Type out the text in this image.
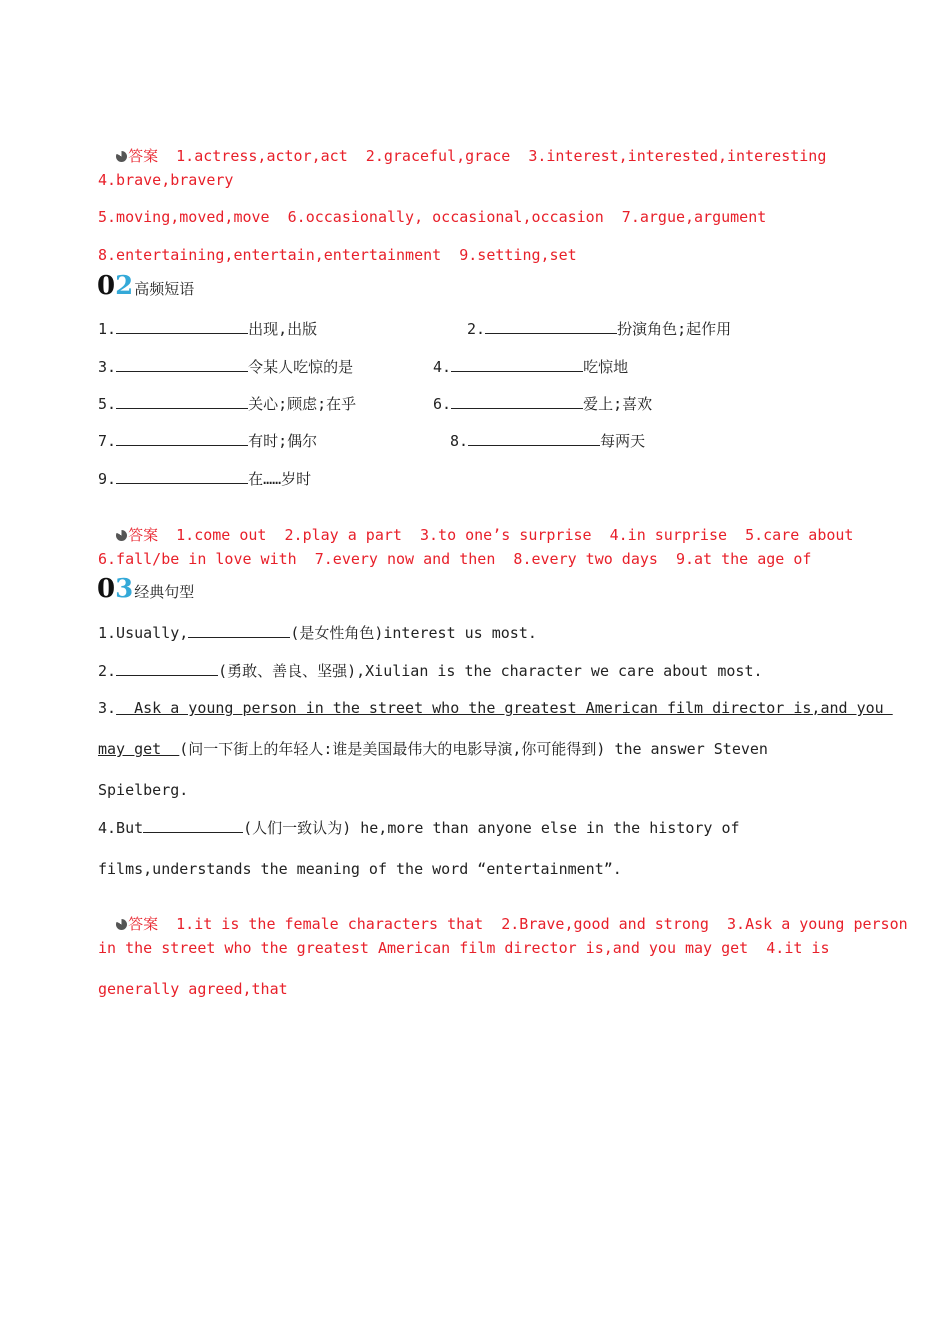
答案 1.actress,actor,act  2.graceful,grace  3.interest,interested,interesting

4.brave,bravery
5.moving,moved,move  6.occasionally, occasional,occasion  7.argue,argument
8.entertaining,entertain,entertainment  9.setting,set
02高频短语
1.	出现,出版	2.	扮演角色;起作用
3.	令某人吃惊的是	4.	吃惊地
5.	关心;顾虑;在乎	6.	爱上;喜欢
7.	有时;偶尔	8.	每两天
9.	在……岁时

答案 1.come out  2.play a part  3.to one’s surprise  4.in surprise  5.care about

6.fall/be in love with  7.every now and then  8.every two days  9.at the age of
03经典句型
1.Usually,	(是女性角色)interest us most.
2.	(勇敢、善良、坚强),Xiulian is the character we care about most.
3.  Ask a young person in the street who the greatest American film director is,and you
may get  (问一下街上的年轻人:谁是美国最伟大的电影导演,你可能得到) the answer Steven
Spielberg.
4.But	(人们一致认为) he,more than anyone else in the history of
films,understands the meaning of the word “entertainment”.

答案 1.it is the female characters that  2.Brave,good and strong  3.Ask a young person

in the street who the greatest American film director is,and you may get  4.it is
generally agreed,that
